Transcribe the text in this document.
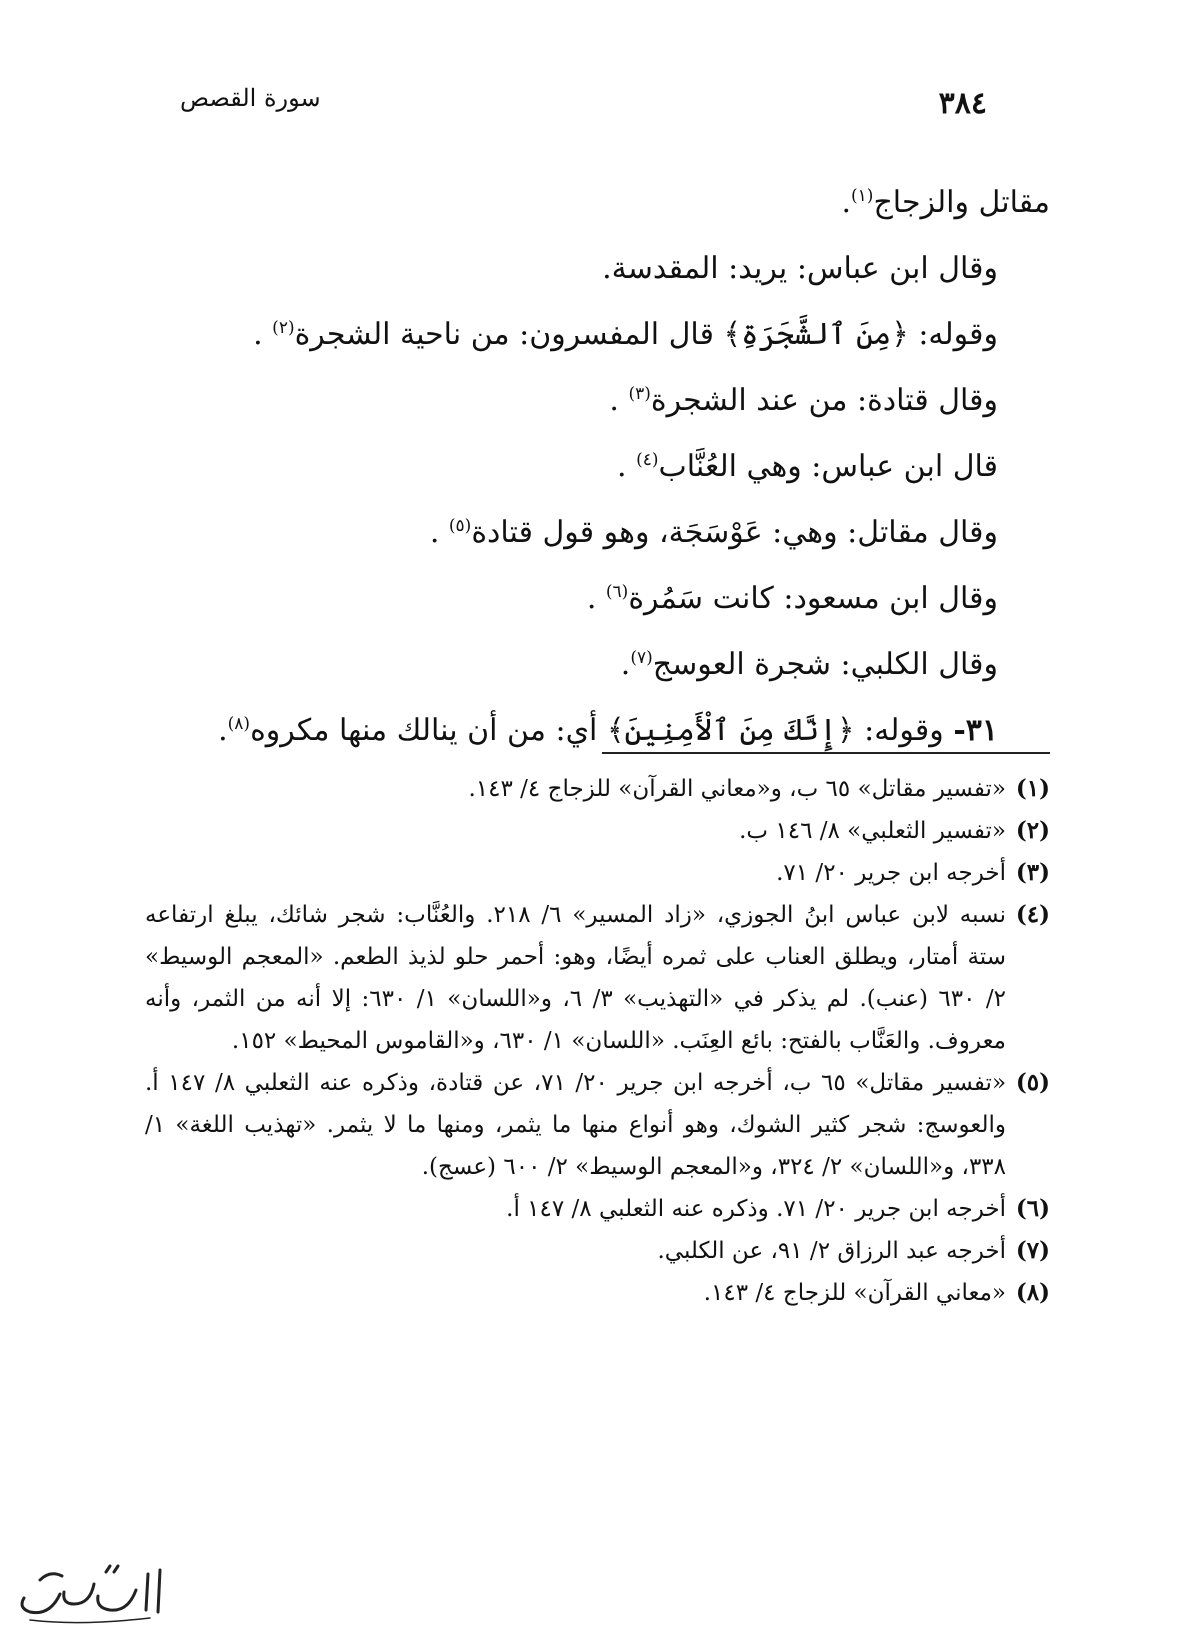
٣٨٤
سورة القصص
مقاتل والزجاج$^{(١)}$.
وقال ابن عباس: يريد: المقدسة.
وقوله: ﴿مِنَ ٱلشَّجَرَةِ﴾ قال المفسرون: من ناحية الشجرة$^{(٢)}$ .
وقال قتادة: من عند الشجرة$^{(٣)}$ .
قال ابن عباس: وهي العُنَّاب$^{(٤)}$ .
وقال مقاتل: وهي: عَوْسَجَة، وهو قول قتادة$^{(٥)}$ .
وقال ابن مسعود: كانت سَمُرة$^{(٦)}$ .
وقال الكلبي: شجرة العوسج$^{(٧)}$.
٣١- وقوله: ﴿إِنَّكَ مِنَ ٱلْأَمِنِينَ﴾ أي: من أن ينالك منها مكروه$^{(٨)}$.
(١)
«تفسير مقاتل» ٦٥ ب، و«معاني القرآن» للزجاج ٤/ ١٤٣.
(٢)
«تفسير الثعلبي» ٨/ ١٤٦ ب.
(٣)
أخرجه ابن جرير ٢٠/ ٧١.
(٤)
نسبه لابن عباس ابنُ الجوزي، «زاد المسير» ٦/ ٢١٨. والعُنَّاب: شجر شائك، يبلغ ارتفاعه ستة أمتار، ويطلق العناب على ثمره أيضًا، وهو: أحمر حلو لذيذ الطعم. «المعجم الوسيط» ٢/ ٦٣٠ (عنب). لم يذكر في «التهذيب» ٣/ ٦، و«اللسان» ١/ ٦٣٠: إلا أنه من الثمر، وأنه معروف. والعَنَّاب بالفتح: بائع العِنَب. «اللسان» ١/ ٦٣٠، و«القاموس المحيط» ١٥٢.
(٥)
«تفسير مقاتل» ٦٥ ب، أخرجه ابن جرير ٢٠/ ٧١، عن قتادة، وذكره عنه الثعلبي ٨/ ١٤٧ أ. والعوسج: شجر كثير الشوك، وهو أنواع منها ما يثمر، ومنها ما لا يثمر. «تهذيب اللغة» ١/ ٣٣٨، و«اللسان» ٢/ ٣٢٤، و«المعجم الوسيط» ٢/ ٦٠٠ (عسج).
(٦)
أخرجه ابن جرير ٢٠/ ٧١. وذكره عنه الثعلبي ٨/ ١٤٧ أ.
(٧)
أخرجه عبد الرزاق ٢/ ٩١، عن الكلبي.
(٨)
«معاني القرآن» للزجاج ٤/ ١٤٣.
